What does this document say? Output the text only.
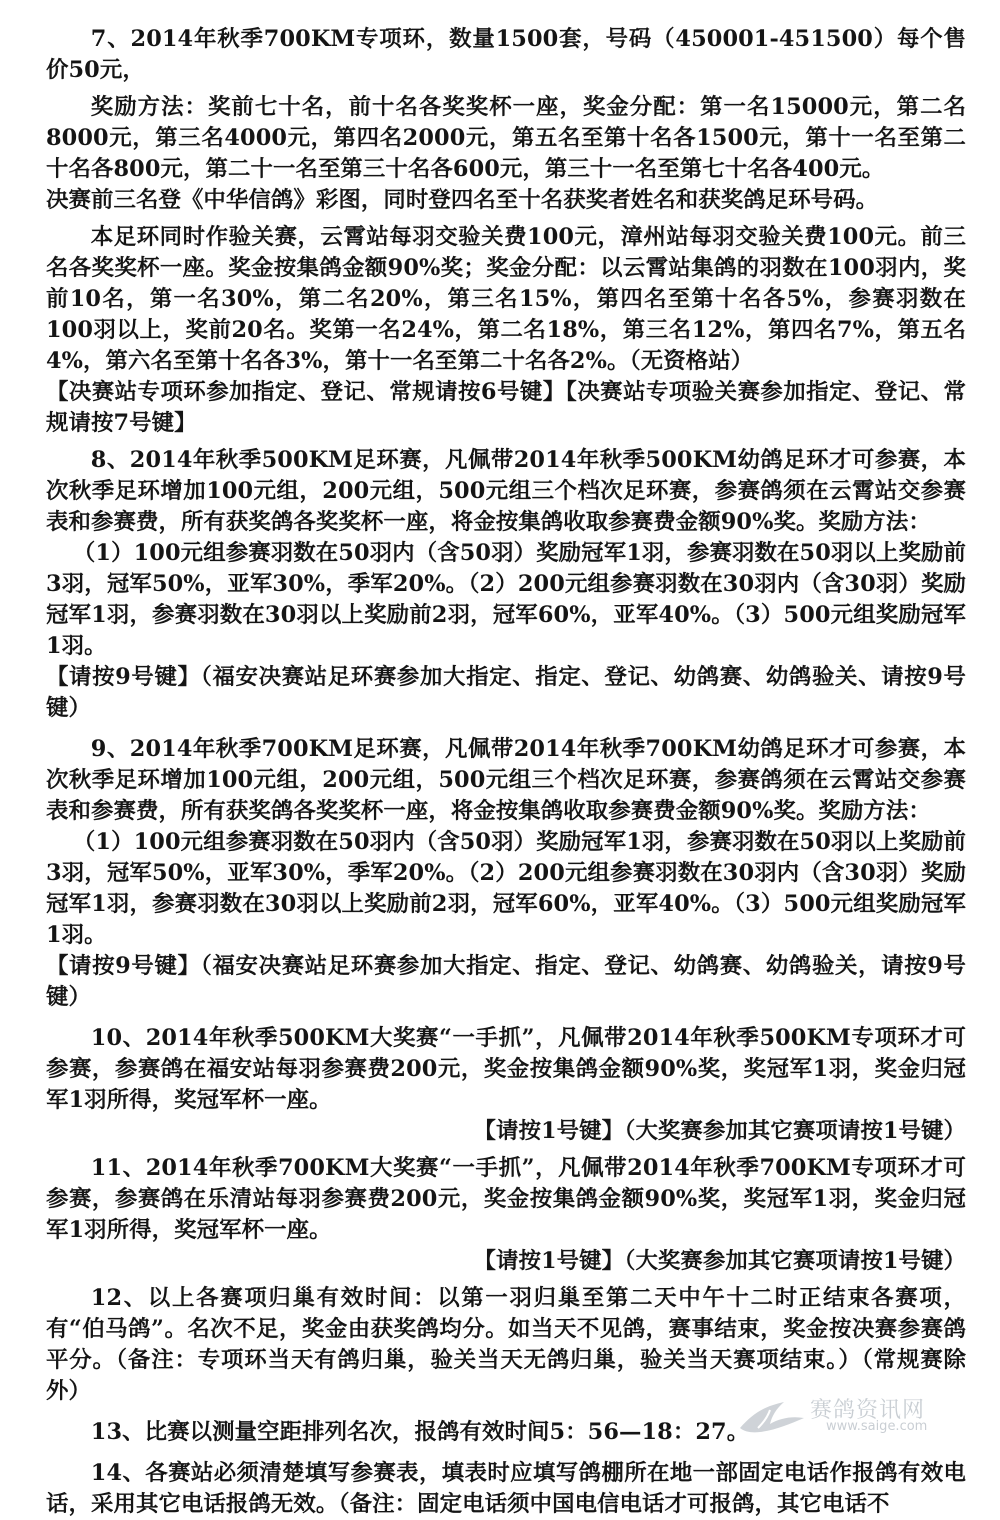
7、2014年秋季700KM专项环，数量1500套，号码（450001-451500）每个售价50元，

奖励方法：奖前七十名，前十名各奖奖杯一座，奖金分配：第一名15000元，第二名8000元，第三名4000元，第四名2000元，第五名至第十名各1500元，第十一名至第二十名各800元，第二十一名至第三十名各600元，第三十一名至第七十名各400元。

决赛前三名登《中华信鸽》彩图，同时登四名至十名获奖者姓名和获奖鸽足环号码。

本足环同时作验关赛，云霄站每羽交验关费100元，漳州站每羽交验关费100元。前三名各奖奖杯一座。奖金按集鸽金额90%奖；奖金分配：以云霄站集鸽的羽数在100羽内，奖前10名，第一名30%，第二名20%，第三名15%，第四名至第十名各5%，参赛羽数在100羽以上，奖前20名。奖第一名24%，第二名18%，第三名12%，第四名7%，第五名4%，第六名至第十名各3%，第十一名至第二十名各2%。（无资格站）

【决赛站专项环参加指定、登记、常规请按6号键】【决赛站专项验关赛参加指定、登记、常规请按7号键】

8、2014年秋季500KM足环赛，凡佩带2014年秋季500KM幼鸽足环才可参赛，本次秋季足环增加100元组，200元组，500元组三个档次足环赛，参赛鸽须在云霄站交参赛表和参赛费，所有获奖鸽各奖奖杯一座，将金按集鸽收取参赛费金额90%奖。奖励方法：

（1）100元组参赛羽数在50羽内（含50羽）奖励冠军1羽，参赛羽数在50羽以上奖励前3羽，冠军50%，亚军30%，季军20%。（2）200元组参赛羽数在30羽内（含30羽）奖励冠军1羽，参赛羽数在30羽以上奖励前2羽，冠军60%，亚军40%。（3）500元组奖励冠军1羽。

【请按9号键】（福安决赛站足环赛参加大指定、指定、登记、幼鸽赛、幼鸽验关、请按9号键）

9、2014年秋季700KM足环赛，凡佩带2014年秋季700KM幼鸽足环才可参赛，本次秋季足环增加100元组，200元组，500元组三个档次足环赛，参赛鸽须在云霄站交参赛表和参赛费，所有获奖鸽各奖奖杯一座，将金按集鸽收取参赛费金额90%奖。奖励方法：

（1）100元组参赛羽数在50羽内（含50羽）奖励冠军1羽，参赛羽数在50羽以上奖励前3羽，冠军50%，亚军30%，季军20%。（2）200元组参赛羽数在30羽内（含30羽）奖励冠军1羽，参赛羽数在30羽以上奖励前2羽，冠军60%，亚军40%。（3）500元组奖励冠军1羽。

【请按9号键】（福安决赛站足环赛参加大指定、指定、登记、幼鸽赛、幼鸽验关，请按9号键）

10、2014年秋季500KM大奖赛“一手抓”，凡佩带2014年秋季500KM专项环才可参赛，参赛鸽在福安站每羽参赛费200元，奖金按集鸽金额90%奖，奖冠军1羽，奖金归冠军1羽所得，奖冠军杯一座。

【请按1号键】（大奖赛参加其它赛项请按1号键）

11、2014年秋季700KM大奖赛“一手抓”，凡佩带2014年秋季700KM专项环才可参赛，参赛鸽在乐清站每羽参赛费200元，奖金按集鸽金额90%奖，奖冠军1羽，奖金归冠军1羽所得，奖冠军杯一座。

【请按1号键】（大奖赛参加其它赛项请按1号键）

12、以上各赛项归巢有效时间：以第一羽归巢至第二天中午十二时正结束各赛项，有“伯马鸽”。名次不足，奖金由获奖鸽均分。如当天不见鸽，赛事结束，奖金按决赛参赛鸽平分。（备注：专项环当天有鸽归巢，验关当天无鸽归巢，验关当天赛项结束。）（常规赛除外）

13、比赛以测量空距排列名次，报鸽有效时间5：56—18：27。

14、各赛站必须清楚填写参赛表，填表时应填写鸽棚所在地一部固定电话作报鸽有效电话，采用其它电话报鸽无效。（备注：固定电话须中国电信电话才可报鸽，其它电话不

赛鸽资讯网
www.saige.com
